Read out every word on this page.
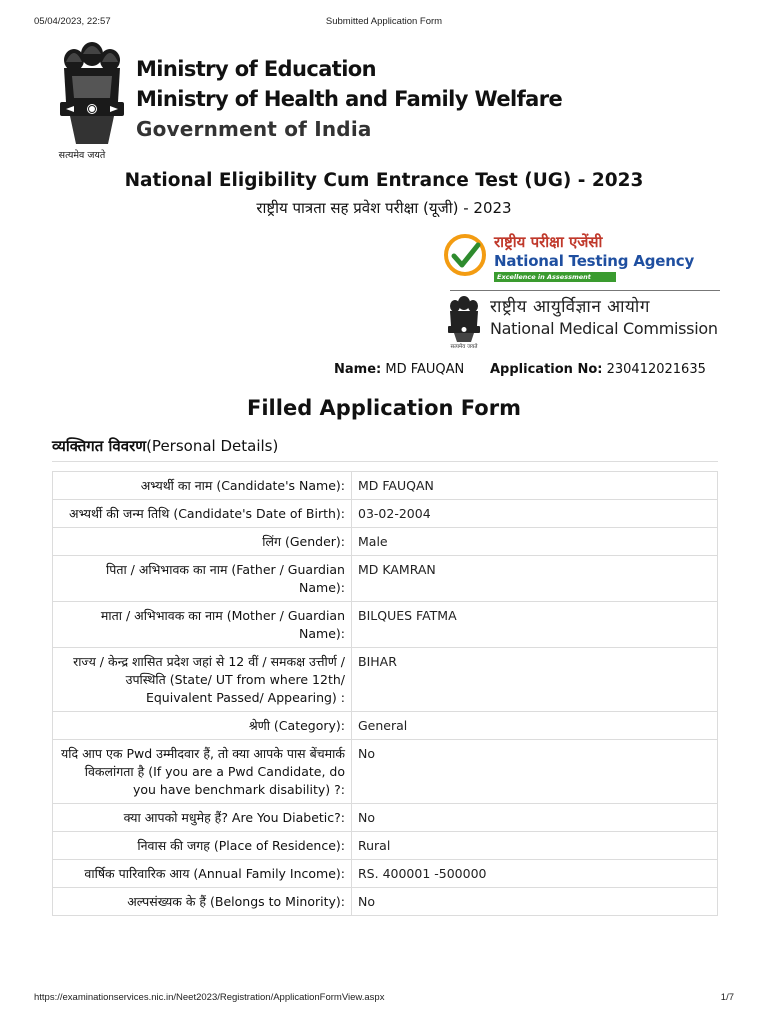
05/04/2023, 22:57	Submitted Application Form
सत्यमेव जयते
Ministry of Education
Ministry of Health and Family Welfare
Government of India
National Eligibility Cum Entrance Test (UG) - 2023
राष्ट्रीय पात्रता सह प्रवेश परीक्षा (यूजी) - 2023
राष्ट्रीय परीक्षा एजेंसी
National Testing Agency
Excellence in Assessment
सत्यमेव जयते
राष्ट्रीय आयुर्विज्ञान आयोग
National Medical Commission
Name: MD FAUQAN Application No: 230412021635
Filled Application Form
व्यक्तिगत विवरण(Personal Details)
अभ्यर्थी का नाम (Candidate's Name):	MD FAUQAN
अभ्यर्थी की जन्म तिथि (Candidate's Date of Birth):	03-02-2004
लिंग (Gender):	Male
पिता / अभिभावक का नाम (Father / Guardian Name):	MD KAMRAN
माता / अभिभावक का नाम (Mother / Guardian Name):	BILQUES FATMA
राज्य / केन्द्र शासित प्रदेश जहां से 12 वीं / समकक्ष उत्तीर्ण / उपस्थिति (State/ UT from where 12th/ Equivalent Passed/ Appearing) :	BIHAR
श्रेणी (Category):	General
यदि आप एक Pwd उम्मीदवार हैं, तो क्या आपके पास बेंचमार्क विकलांगता है (If you are a Pwd Candidate, do you have benchmark disability) ?:	No
क्या आपको मधुमेह हैं? Are You Diabetic?:	No
निवास की जगह (Place of Residence):	Rural
वार्षिक पारिवारिक आय (Annual Family Income):	RS. 400001 -500000
अल्पसंख्यक के हैं (Belongs to Minority):	No
https://examinationservices.nic.in/Neet2023/Registration/ApplicationFormView.aspx	1/7
